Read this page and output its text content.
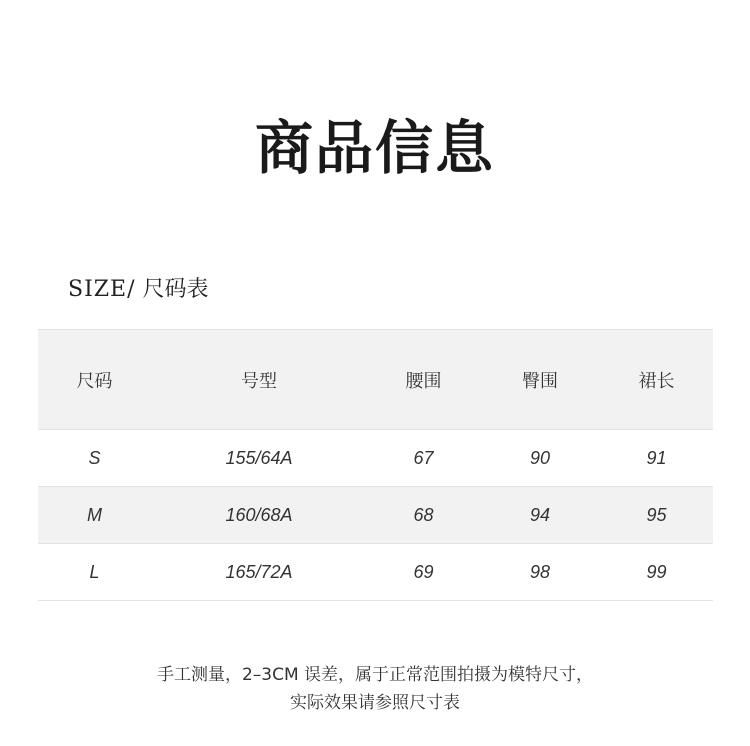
商品信息
SIZE/ 尺码表
尺码	号型	腰围	臀围	裙长
S	155/64A	67	90	91
M	160/68A	68	94	95
L	165/72A	69	98	99
手工测量，2–3CM 误差，属于正常范围拍摄为模特尺寸，
实际效果请参照尺寸表
